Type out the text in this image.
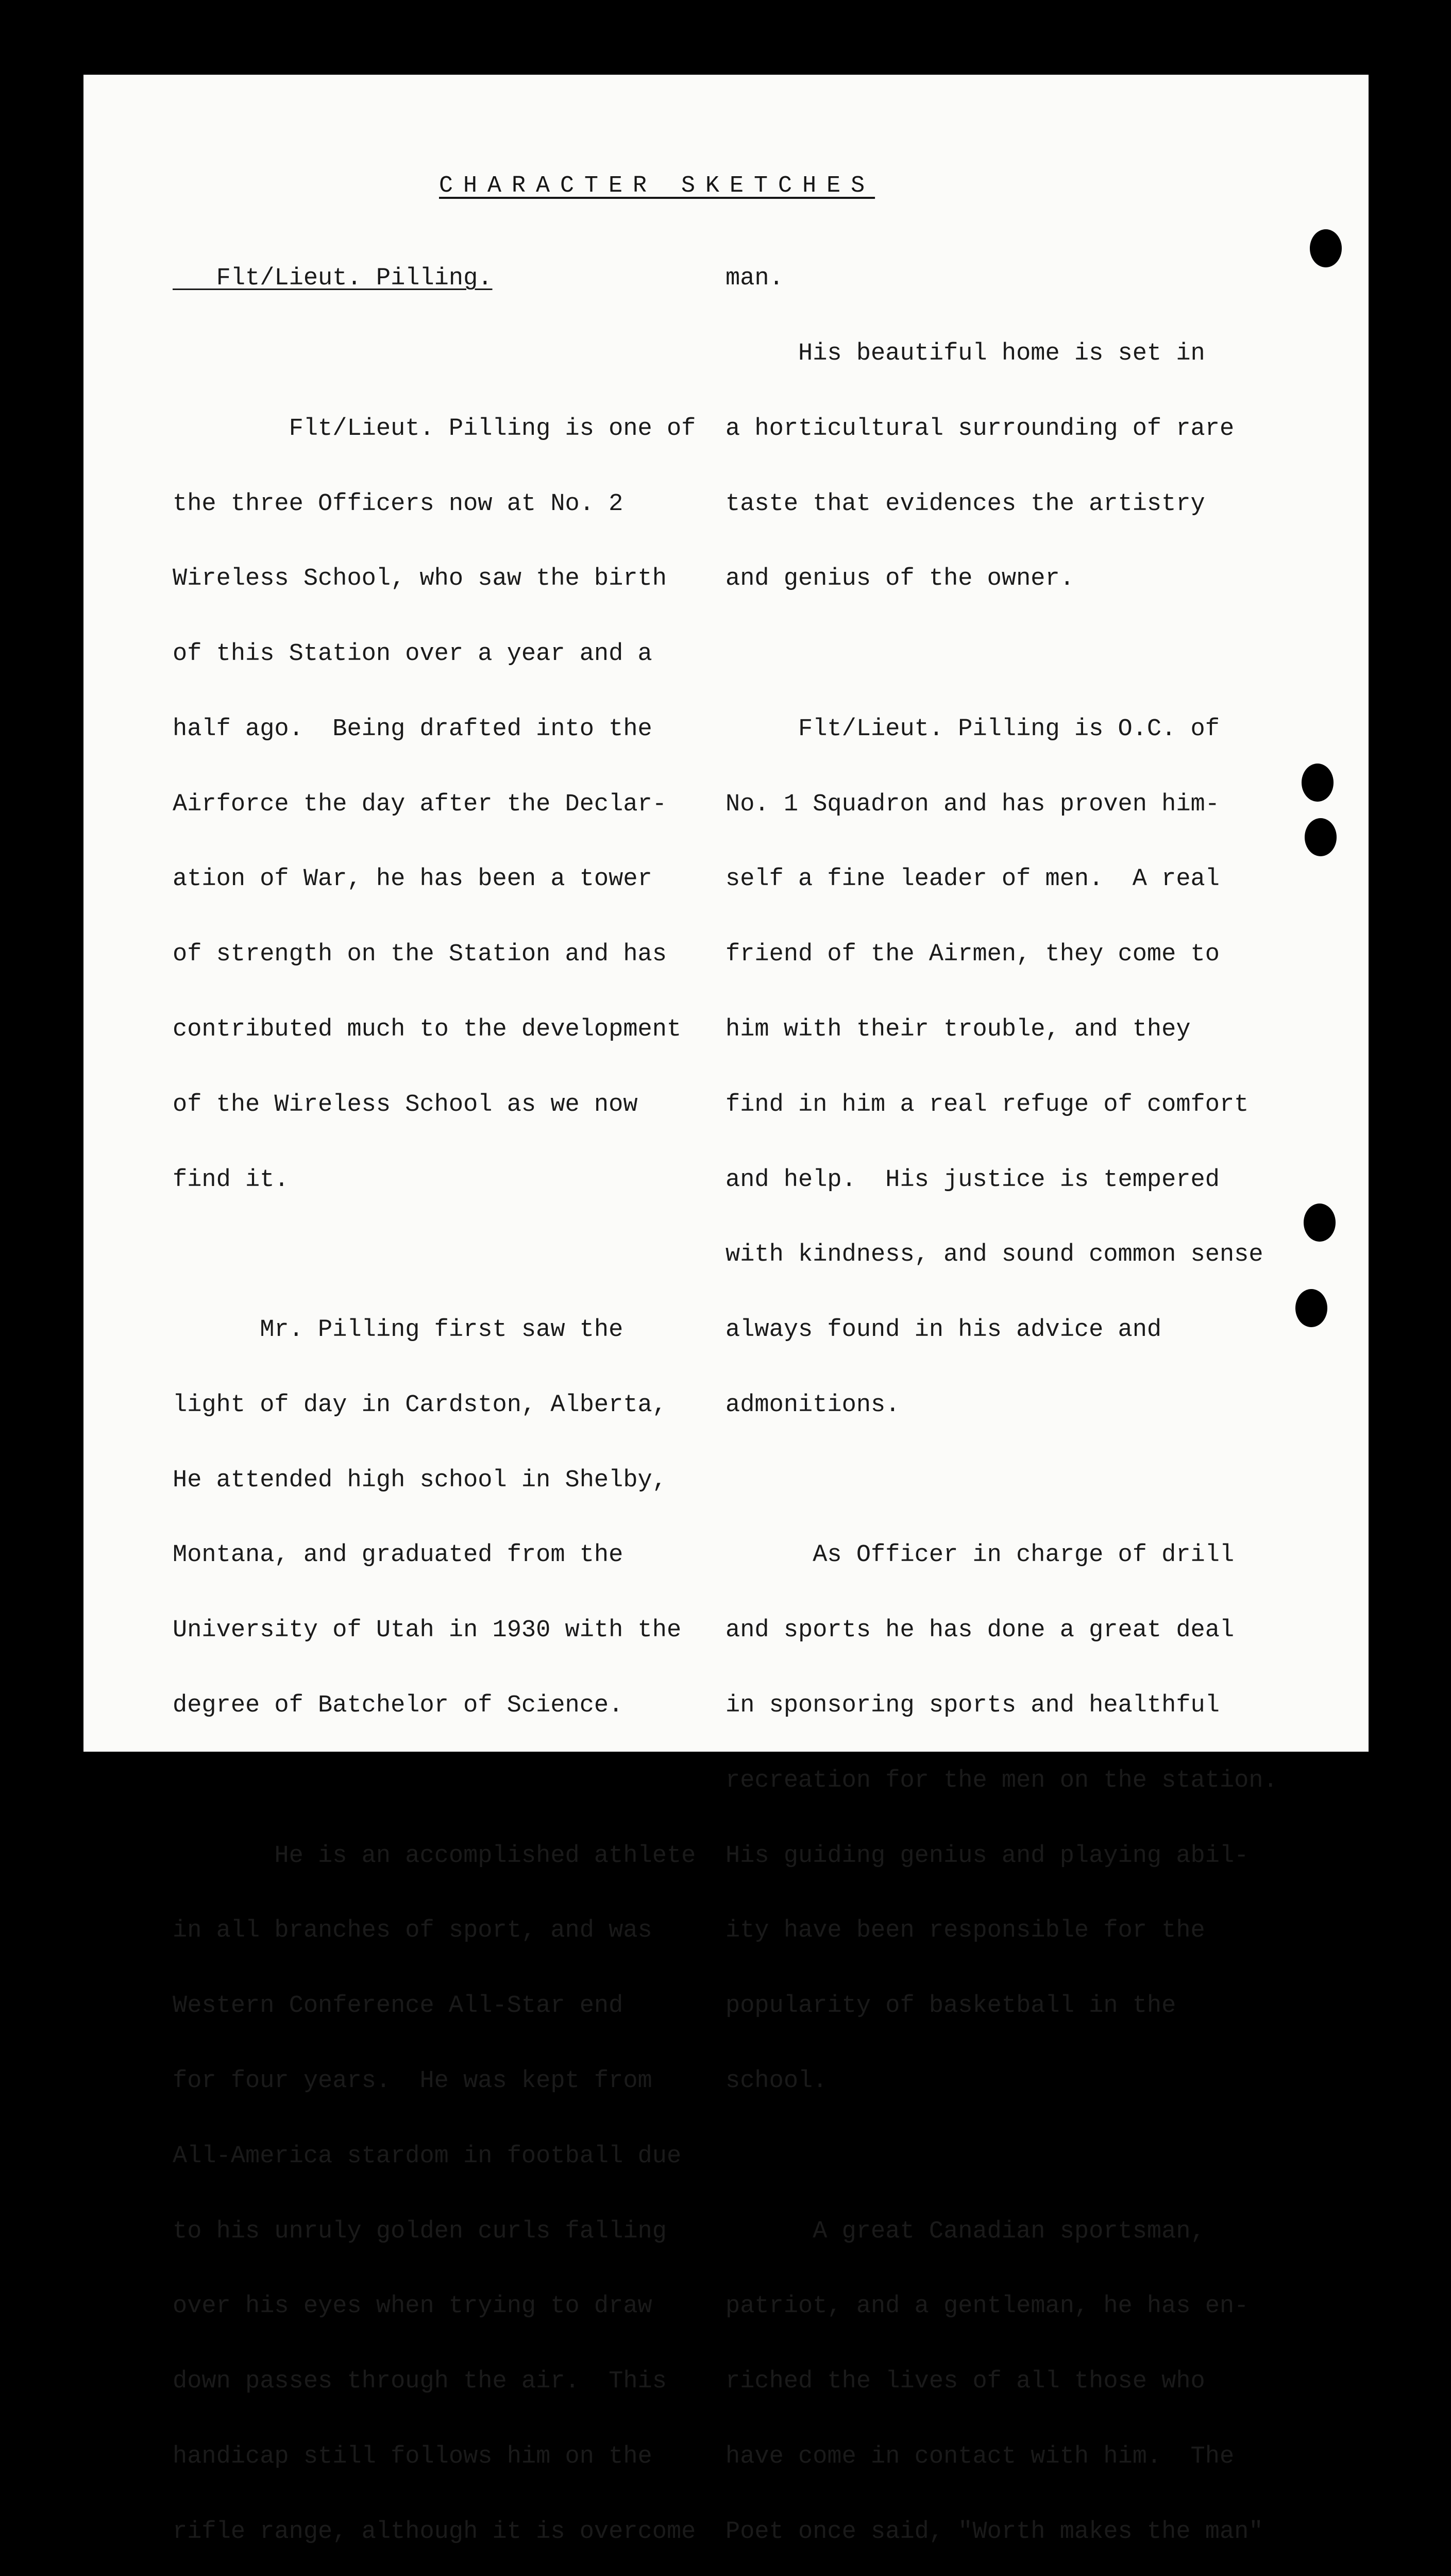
CHARACTER SKETCHES

Flt/Lieut. Pilling.

Flt/Lieut. Pilling is one of

the three Officers now at No. 2

Wireless School, who saw the birth

of this Station over a year and a

half ago.  Being drafted into the

Airforce the day after the Declar-

ation of War, he has been a tower

of strength on the Station and has

contributed much to the development

of the Wireless School as we now

find it.

Mr. Pilling first saw the

light of day in Cardston, Alberta,

He attended high school in Shelby,

Montana, and graduated from the

University of Utah in 1930 with the

degree of Batchelor of Science.

He is an accomplished athlete

in all branches of sport, and was

Western Conference All-Star end

for four years.  He was kept from

All-America stardom in football due

to his unruly golden curls falling

over his eyes when trying to draw

down passes through the air.  This

handicap still follows him on the

rifle range, although it is overcome

man.

His beautiful home is set in

a horticultural surrounding of rare

taste that evidences the artistry

and genius of the owner.

Flt/Lieut. Pilling is O.C. of

No. 1 Squadron and has proven him-

self a fine leader of men.  A real

friend of the Airmen, they come to

him with their trouble, and they

find in him a real refuge of comfort

and help.  His justice is tempered

with kindness, and sound common sense

always found in his advice and

admonitions.

As Officer in charge of drill

and sports he has done a great deal

in sponsoring sports and healthful

recreation for the men on the station.

His guiding genius and playing abil-

ity have been responsible for the

popularity of basketball in the

school.

A great Canadian sportsman,

patriot, and a gentleman, he has en-

riched the lives of all those who

have come in contact with him.  The

Poet once said, "Worth makes the man"
